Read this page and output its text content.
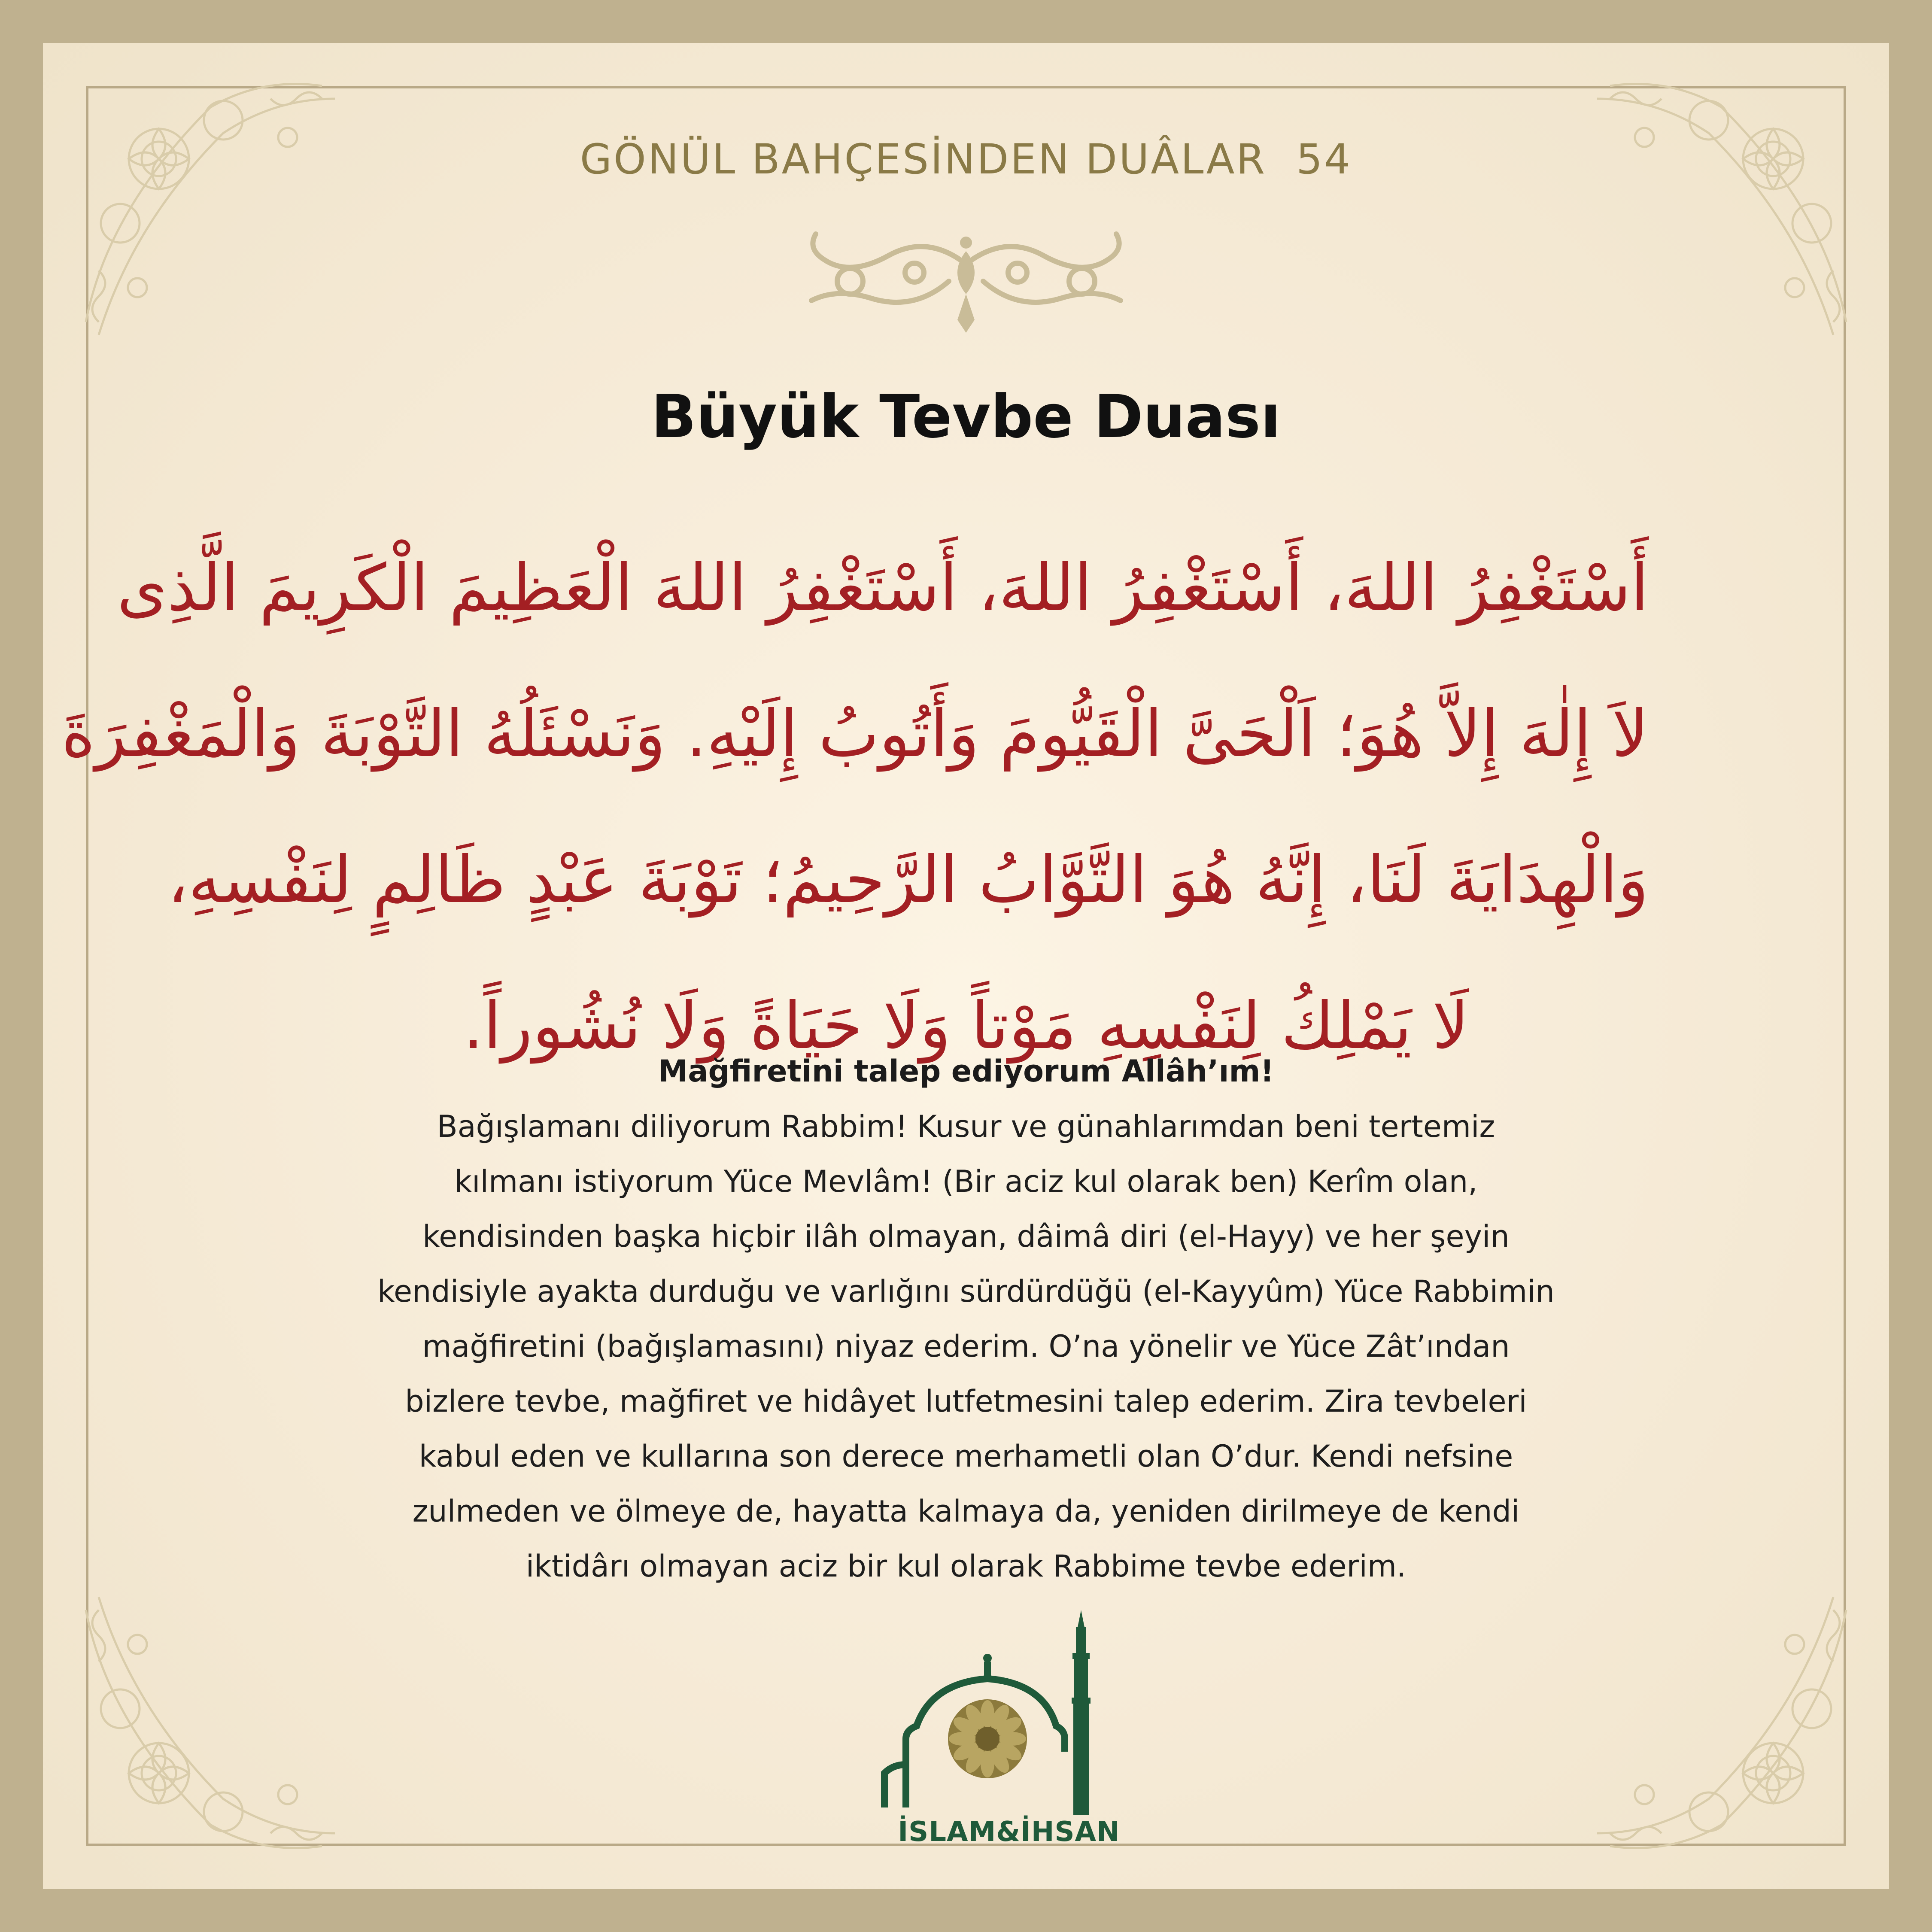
GÖNÜL BAHÇESİNDEN DUÂLAR  54
Büyük Tevbe Duası
أَسْتَغْفِرُ اللهَ، أَسْتَغْفِرُ اللهَ، أَسْتَغْفِرُ اللهَ الْعَظِيمَ الْكَرِيمَ الَّذِى
لاَ إِلٰهَ إِلاَّ هُوَ؛ اَلْحَىَّ الْقَيُّومَ وَأَتُوبُ إِلَيْهِ. وَنَسْئَلُهُ التَّوْبَةَ وَالْمَغْفِرَةَ
وَالْهِدَايَةَ لَنَا، إِنَّهُ هُوَ التَّوَّابُ الرَّحِيمُ؛ تَوْبَةَ عَبْدٍ ظَالِمٍ لِنَفْسِهِ،
لَا يَمْلِكُ لِنَفْسِهِ مَوْتاً وَلَا حَيَاةً وَلَا نُشُوراً.
Mağfiretini talep ediyorum Allâh’ım!
Bağışlamanı diliyorum Rabbim! Kusur ve günahlarımdan beni tertemiz
kılmanı istiyorum Yüce Mevlâm! (Bir aciz kul olarak ben) Kerîm olan,
kendisinden başka hiçbir ilâh olmayan, dâimâ diri (el-Hayy) ve her şeyin
kendisiyle ayakta durduğu ve varlığını sürdürdüğü (el-Kayyûm) Yüce Rabbimin
mağfiretini (bağışlamasını) niyaz ederim. O’na yönelir ve Yüce Zât’ından
bizlere tevbe, mağfiret ve hidâyet lutfetmesini talep ederim. Zira tevbeleri
kabul eden ve kullarına son derece merhametli olan O’dur. Kendi nefsine
zulmeden ve ölmeye de, hayatta kalmaya da, yeniden dirilmeye de kendi
iktidârı olmayan aciz bir kul olarak Rabbime tevbe ederim.
İSLAM&İHSAN
